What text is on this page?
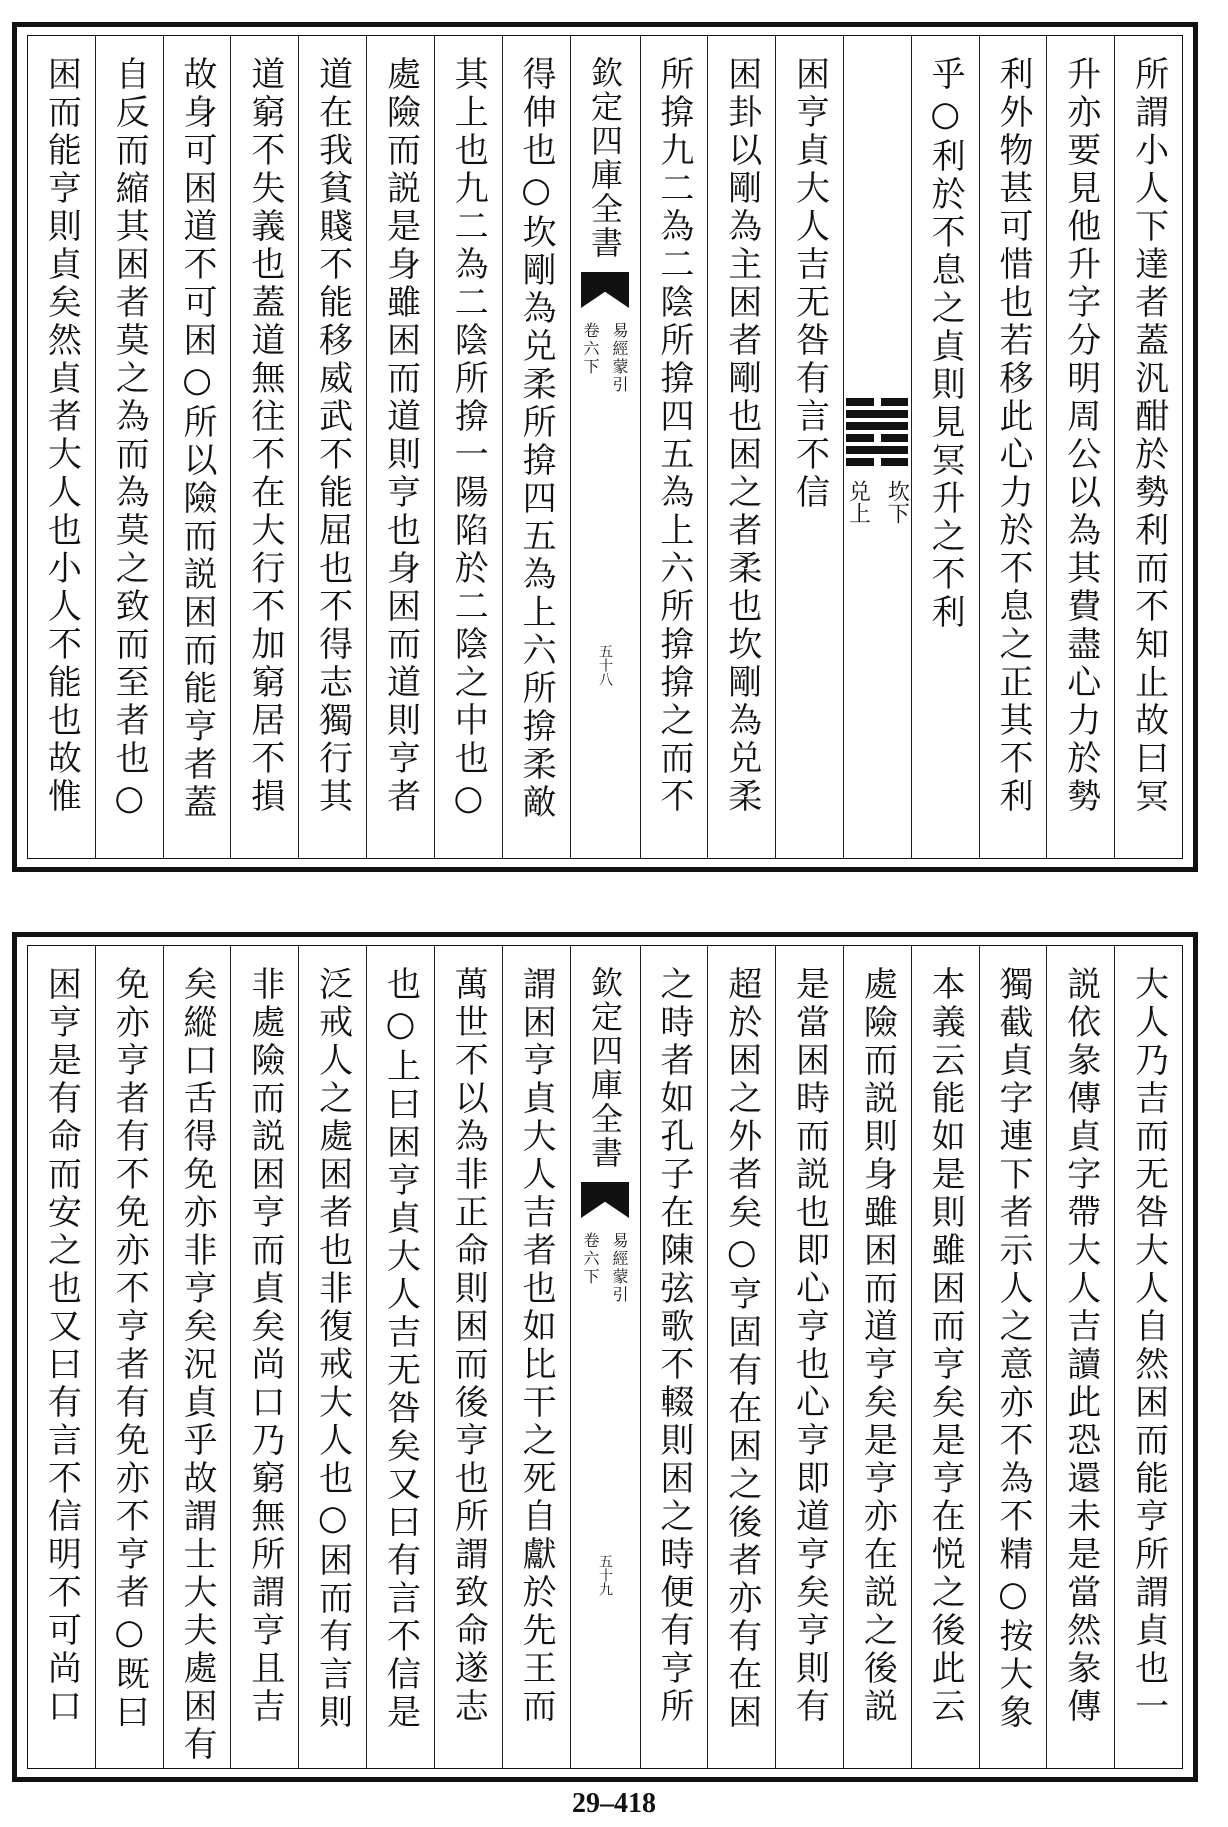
所謂小人下達者蓋汎酣於勢利而不知止故曰冥
升亦要見他升字分明周公以為其費盡心力於勢
利外物甚可惜也若移此心力於不息之正其不利
乎○利於不息之貞則見冥升之不利
坎
下
兑
上
困亨貞大人吉无咎有言不信
困卦以剛為主困者剛也困之者柔也坎剛為兑柔
所揜九二為二陰所揜四五為上六所揜揜之而不
欽定四庫全書
易經蒙引
卷六下
五十八
得伸也○坎剛為兑柔所揜四五為上六所揜柔敵
其上也九二為二陰所揜一陽陷於二陰之中也○
處險而説是身雖困而道則亨也身困而道則亨者
道在我貧賤不能移威武不能屈也不得志獨行其
道窮不失義也蓋道無往不在大行不加窮居不損
故身可困道不可困○所以險而説困而能亨者蓋
自反而縮其困者莫之為而為莫之致而至者也○
困而能亨則貞矣然貞者大人也小人不能也故惟
大人乃吉而无咎大人自然困而能亨所謂貞也一
説依彖傳貞字帶大人吉讀此恐還未是當然彖傳
獨截貞字連下者示人之意亦不為不精○按大象
本義云能如是則雖困而亨矣是亨在悦之後此云
處險而説則身雖困而道亨矣是亨亦在説之後説
是當困時而説也即心亨也心亨即道亨矣亨則有
超於困之外者矣○亨固有在困之後者亦有在困
之時者如孔子在陳弦歌不輟則困之時便有亨所
欽定四庫全書
易經蒙引
卷六下
五十九
謂困亨貞大人吉者也如比干之死自獻於先王而
萬世不以為非正命則困而後亨也所謂致命遂志
也○上曰困亨貞大人吉无咎矣又曰有言不信是
泛戒人之處困者也非復戒大人也○困而有言則
非處險而説困亨而貞矣尚口乃窮無所謂亨且吉
矣縱口舌得免亦非亨矣況貞乎故謂士大夫處困有
免亦亨者有不免亦不亨者有免亦不亨者○既曰
困亨是有命而安之也又曰有言不信明不可尚口
29–418
